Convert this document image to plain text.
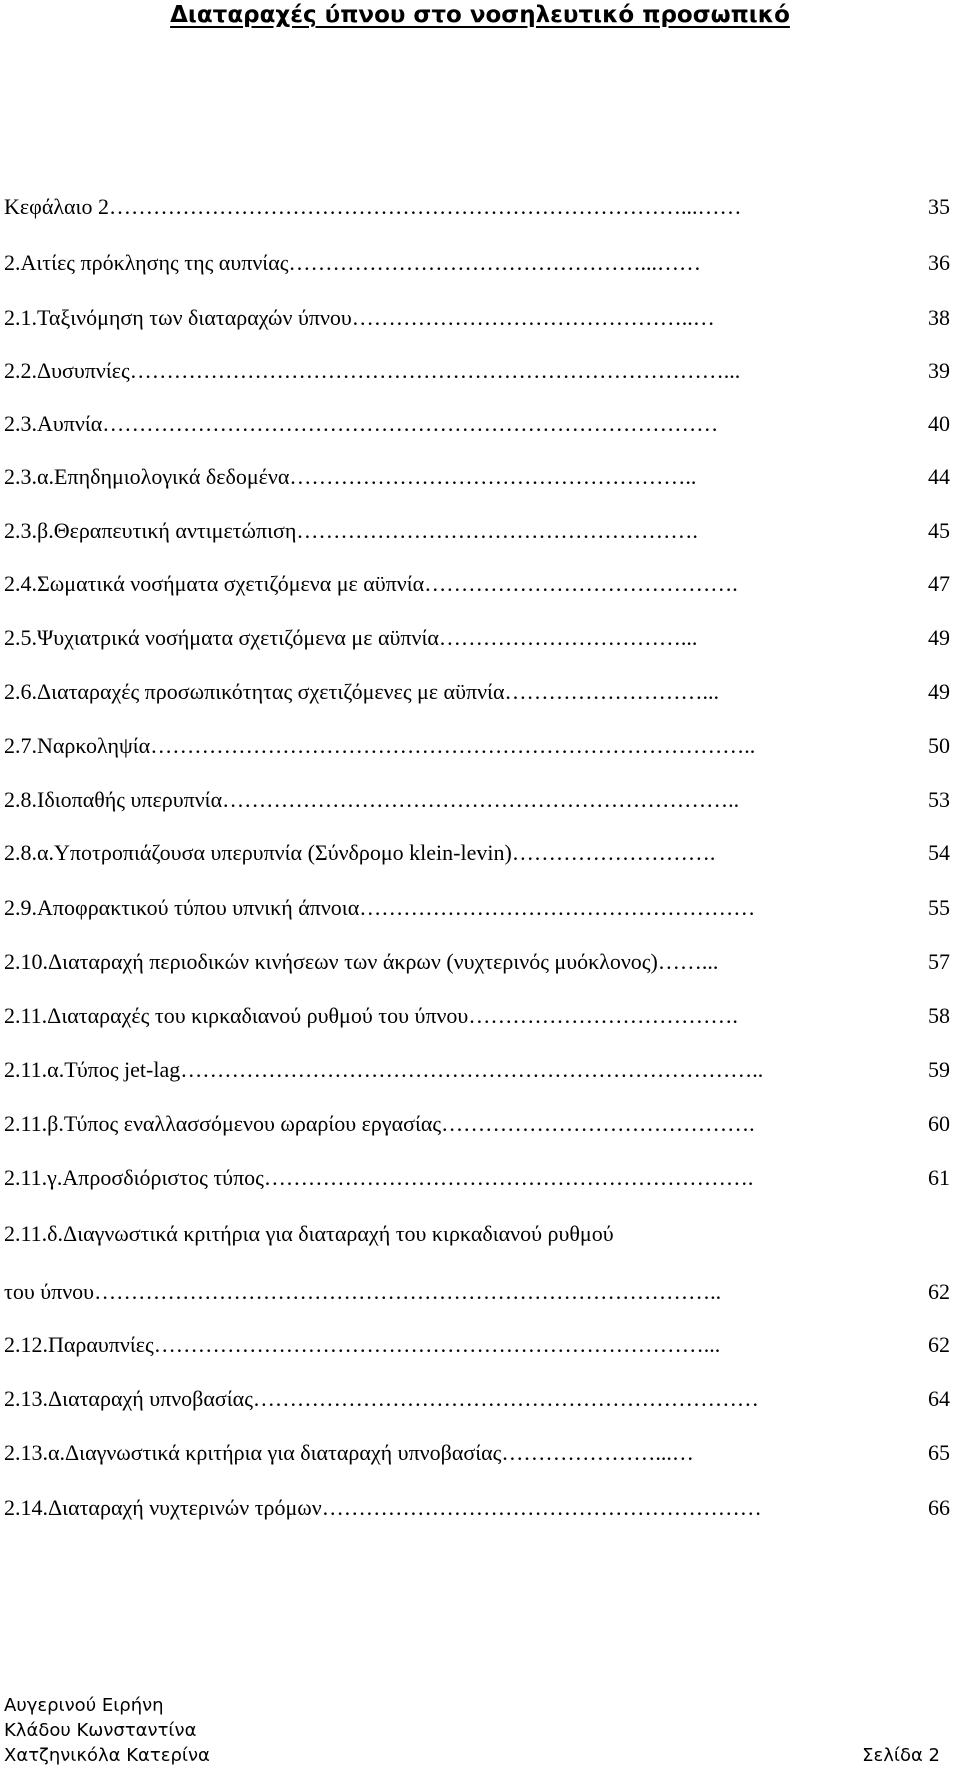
Διαταραχές ύπνου στο νοσηλευτικό προσωπικό
Κεφάλαιο 2 ……………………………………………………………………...……	35
2.Αιτίες πρόκλησης της αυπνίας …………………………………………...……	36
2.1.Ταξινόμηση των διαταραχών ύπνου ………………………………………..…	38
2.2.Δυσυπνίες ………………………………………………………………………...	39
2.3.Αυπνία …………………………………………………………………………	40
2.3.α.Επηδημιολογικά δεδομένα ………………………………………………..	44
2.3.β.Θεραπευτική αντιμετώπιση ……………………………………………….	45
2.4.Σωματικά νοσήματα σχετιζόμενα με αϋπνία …………………………………….	47
2.5.Ψυχιατρικά νοσήματα σχετιζόμενα με αϋπνία ……………………………...	49
2.6.Διαταραχές προσωπικότητας σχετιζόμενες με αϋπνία ………………………...	49
2.7.Ναρκοληψία ………………………………………………………………………..	50
2.8.Ιδιοπαθής υπερυπνία ……………………………………………………………..	53
2.8.α.Υποτροπιάζουσα υπερυπνία (Σύνδρομο klein-levin) ……………………….	54
2.9.Αποφρακτικού τύπου υπνική άπνοια ………………………………………………	55
2.10.Διαταραχή περιοδικών κινήσεων των άκρων (νυχτερινός μυόκλονος) ……...	57
2.11.Διαταραχές του κιρκαδιανού ρυθμού του ύπνου ……………………………….	58
2.11.α.Τύπος jet-lag ……………………………………………………………………..	59
2.11.β.Τύπος εναλλασσόμενου ωραρίου εργασίας …………………………………….	60
2.11.γ.Απροσδιόριστος τύπος ………………………………………………………….	61
2.11.δ.Διαγνωστικά κριτήρια για διαταραχή του κιρκαδιανού ρυθμού
του ύπνου …………………………………………………………………………..	62
2.12.Παραυπνίες …………………………………………………………………...	62
2.13.Διαταραχή υπνοβασίας ……………………………………………………………	64
2.13.α.Διαγνωστικά κριτήρια για διαταραχή υπνοβασίας …………………...…	65
2.14.Διαταραχή νυχτερινών τρόμων ……………………………………………………	66
Αυγερινού Ειρήνη
Κλάδου Κωνσταντίνα
Χατζηνικόλα Κατερίνα	Σελίδα 2
